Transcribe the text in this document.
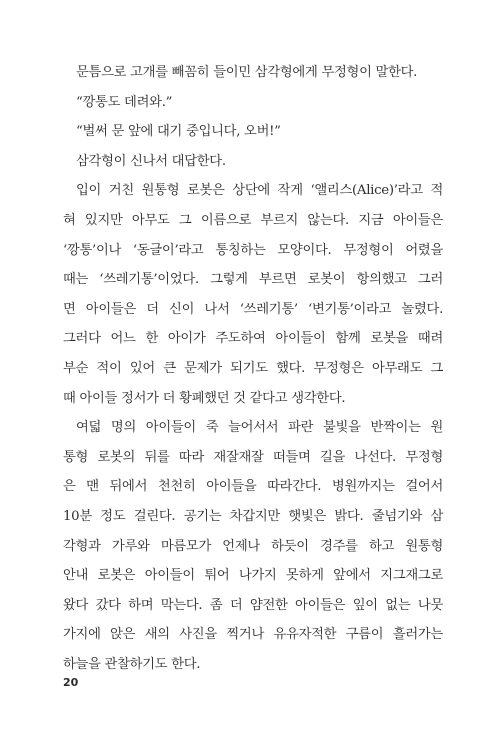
문틈으로 고개를 빼꼼히 들이민 삼각형에게 무정형이 말한다.
“깡통도 데려와.”
“벌써 문 앞에 대기 중입니다, 오버!”
삼각형이 신나서 대답한다.
입이 거친 원통형 로봇은 상단에 작게 ‘앨리스(Alice)’라고 적
혀 있지만 아무도 그 이름으로 부르지 않는다. 지금 아이들은
‘깡통’이나 ‘동글이’라고 통칭하는 모양이다. 무정형이 어렸을
때는 ‘쓰레기통’이었다. 그렇게 부르면 로봇이 항의했고 그러
면 아이들은 더 신이 나서 ‘쓰레기통’ ‘변기통’이라고 놀렸다.
그러다 어느 한 아이가 주도하여 아이들이 함께 로봇을 때려
부순 적이 있어 큰 문제가 되기도 했다. 무정형은 아무래도 그
때 아이들 정서가 더 황폐했던 것 같다고 생각한다.
여덟 명의 아이들이 죽 늘어서서 파란 불빛을 반짝이는 원
통형 로봇의 뒤를 따라 재잘재잘 떠들며 길을 나선다. 무정형
은 맨 뒤에서 천천히 아이들을 따라간다. 병원까지는 걸어서
10분 정도 걸린다. 공기는 차갑지만 햇빛은 밝다. 줄넘기와 삼
각형과 가루와 마름모가 언제나 하듯이 경주를 하고 원통형
안내 로봇은 아이들이 튀어 나가지 못하게 앞에서 지그재그로
왔다 갔다 하며 막는다. 좀 더 얌전한 아이들은 잎이 없는 나뭇
가지에 앉은 새의 사진을 찍거나 유유자적한 구름이 흘러가는
하늘을 관찰하기도 한다.
20
